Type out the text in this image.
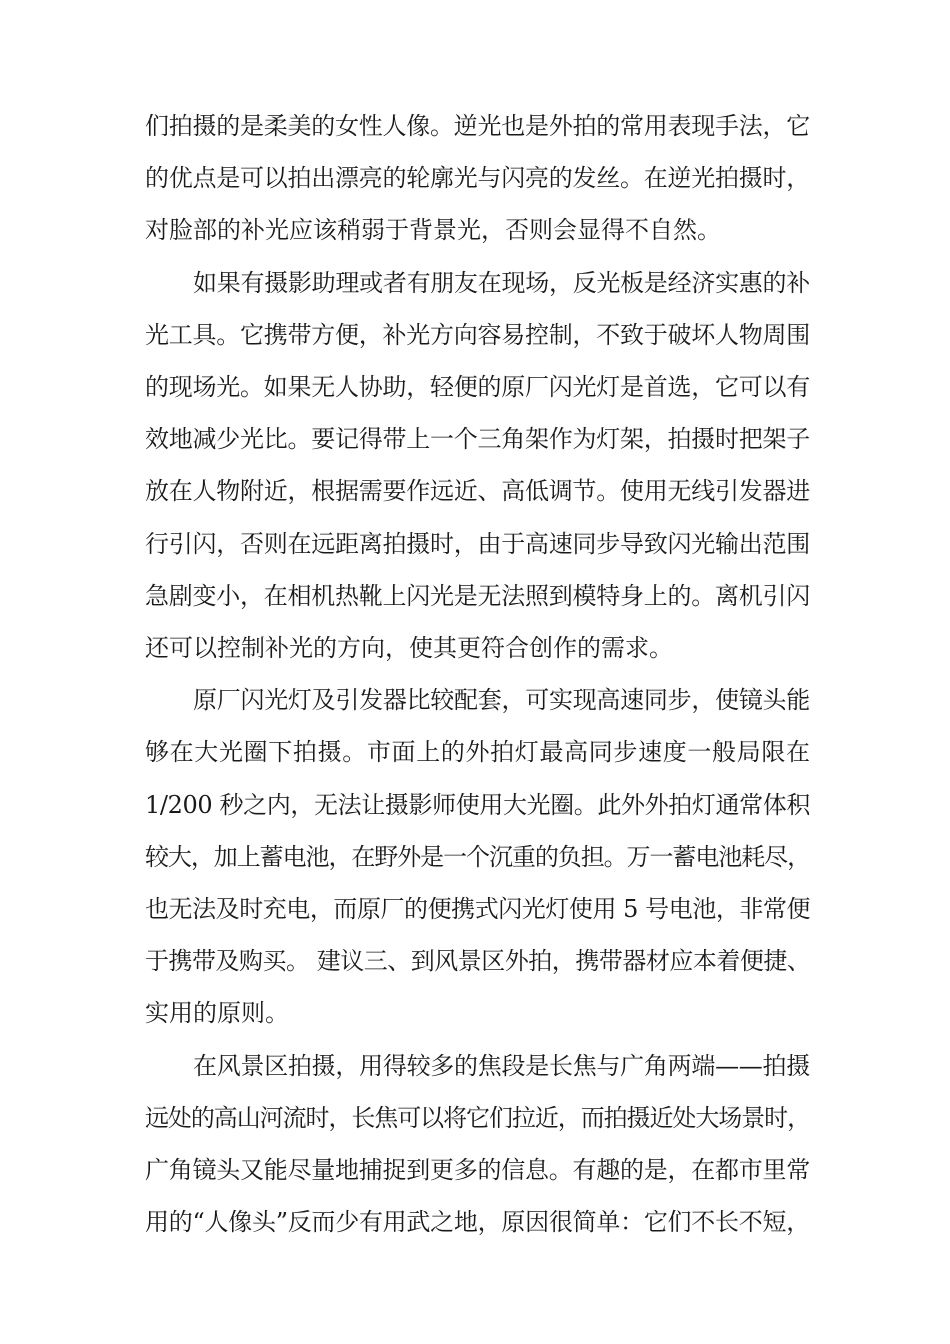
们拍摄的是柔美的女性人像。逆光也是外拍的常用表现手法，它
的优点是可以拍出漂亮的轮廓光与闪亮的发丝。在逆光拍摄时，
对脸部的补光应该稍弱于背景光，否则会显得不自然。
如果有摄影助理或者有朋友在现场，反光板是经济实惠的补
光工具。它携带方便，补光方向容易控制，不致于破坏人物周围
的现场光。如果无人协助，轻便的原厂闪光灯是首选，它可以有
效地减少光比。要记得带上一个三角架作为灯架，拍摄时把架子
放在人物附近，根据需要作远近、高低调节。使用无线引发器进
行引闪，否则在远距离拍摄时，由于高速同步导致闪光输出范围
急剧变小，在相机热靴上闪光是无法照到模特身上的。离机引闪
还可以控制补光的方向，使其更符合创作的需求。
原厂闪光灯及引发器比较配套，可实现高速同步，使镜头能
够在大光圈下拍摄。市面上的外拍灯最高同步速度一般局限在
1/200 秒之内，无法让摄影师使用大光圈。此外外拍灯通常体积
较大，加上蓄电池，在野外是一个沉重的负担。万一蓄电池耗尽，
也无法及时充电，而原厂的便携式闪光灯使用 5 号电池，非常便
于携带及购买。 建议三、到风景区外拍，携带器材应本着便捷、
实用的原则。
在风景区拍摄，用得较多的焦段是长焦与广角两端——拍摄
远处的高山河流时，长焦可以将它们拉近，而拍摄近处大场景时，
广角镜头又能尽量地捕捉到更多的信息。有趣的是，在都市里常
用的“人像头”反而少有用武之地，原因很简单：它们不长不短，
